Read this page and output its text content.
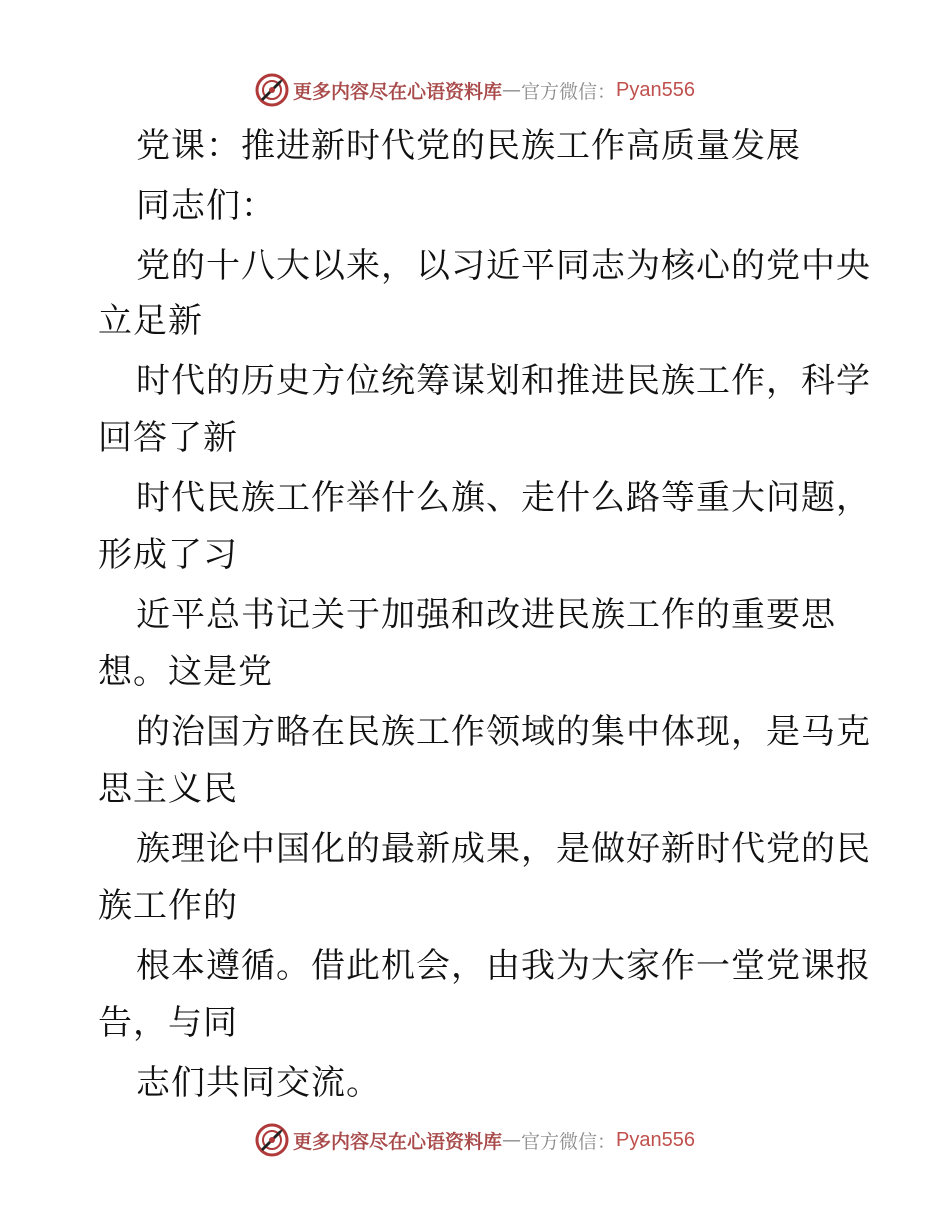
更多内容尽在心语资料库 — 官方微信： Pyan556
党课：推进新时代党的民族工作高质量发展
同志们：
党的十八大以来，以习近平同志为核心的党中央
立足新
时代的历史方位统筹谋划和推进民族工作，科学
回答了新
时代民族工作举什么旗、走什么路等重大问题，
形成了习
近平总书记关于加强和改进民族工作的重要思
想。这是党
的治国方略在民族工作领域的集中体现，是马克
思主义民
族理论中国化的最新成果，是做好新时代党的民
族工作的
根本遵循。借此机会，由我为大家作一堂党课报
告，与同
志们共同交流。
更多内容尽在心语资料库 — 官方微信： Pyan556
